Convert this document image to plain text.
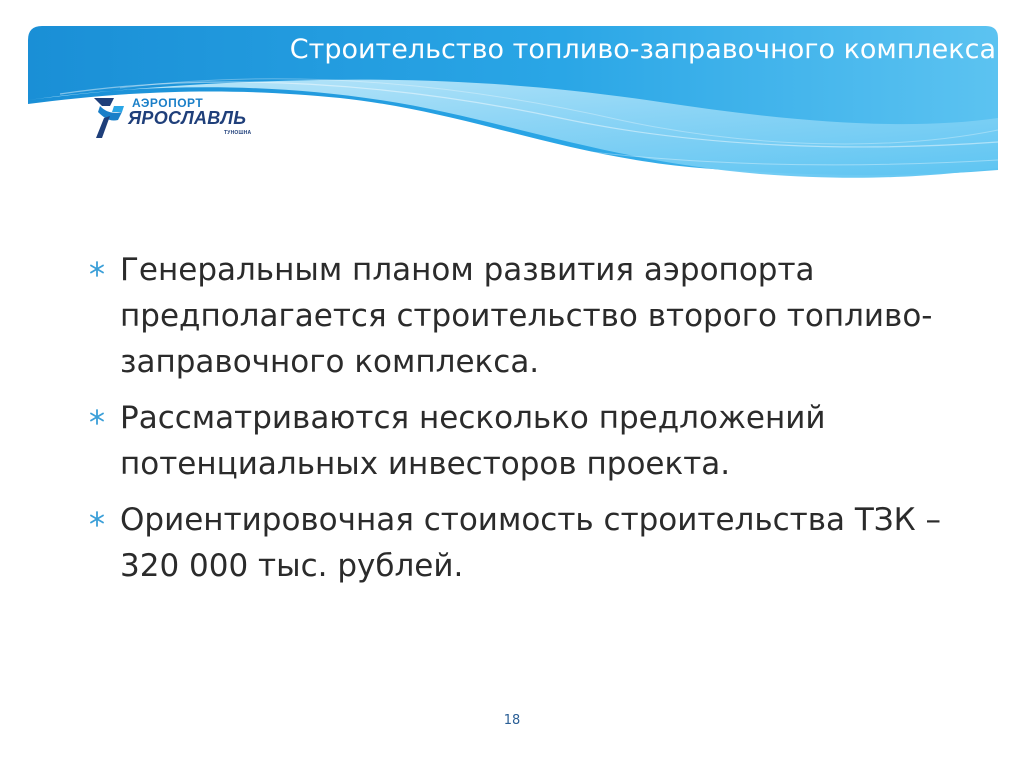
Строительство топливо-заправочного комплекса
АЭРОПОРТ
ЯРОСЛАВЛЬ
ТУНОШНА
Генеральным планом развития аэропорта предполагается строительство второго топливо-заправочного комплекса.
Рассматриваются несколько предложений потенциальных инвесторов проекта.
Ориентировочная стоимость строительства ТЗК – 320 000 тыс. рублей.
18
